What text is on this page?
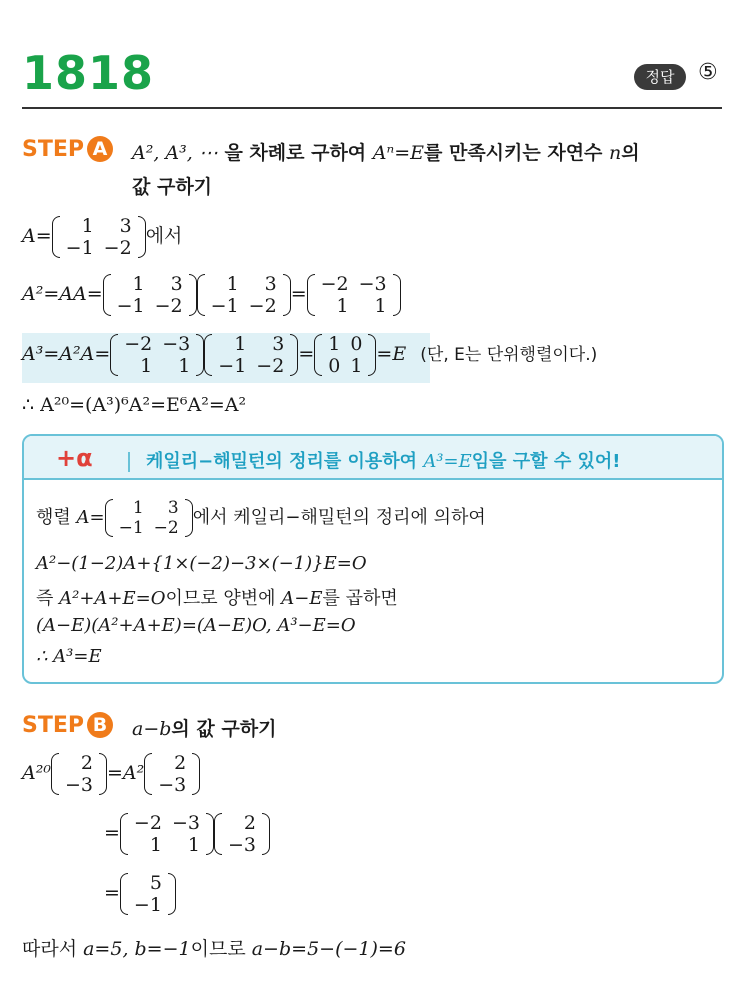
1818	정답	⑤
STEP A A², A³, ⋯ 을 차례로 구하여 Aⁿ=E를 만족시키는 자연수 n의
값 구하기
A= 1	3
−1	−2
에서
A²=AA= 1	3
−1	−2
1	3
−1	−2
= −2	−3
1	1
A³=A²A= −2	−3
1	1
1	3
−1	−2
= 1	0
0	1
=E (단, E는 단위행렬이다.)
∴ A²⁰=(A³)⁶A²=E⁶A²=A²
+α	케일리−해밀턴의 정리를 이용하여 A³=E임을 구할 수 있어!
행렬 A= 1	3
−1	−2 에서 케일리−해밀턴의 정리에 의하여
A²−(1−2)A+{1×(−2)−3×(−1)}E=O
즉 A²+A+E=O이므로 양변에 A−E를 곱하면
(A−E)(A²+A+E)=(A−E)O, A³−E=O
∴ A³=E
STEP B	a−b의 값 구하기
A²⁰ 2
−3
=A² 2
−3
= −2	−3
1	1
2
−3
= 5
−1
따라서 a=5, b=−1이므로 a−b=5−(−1)=6
